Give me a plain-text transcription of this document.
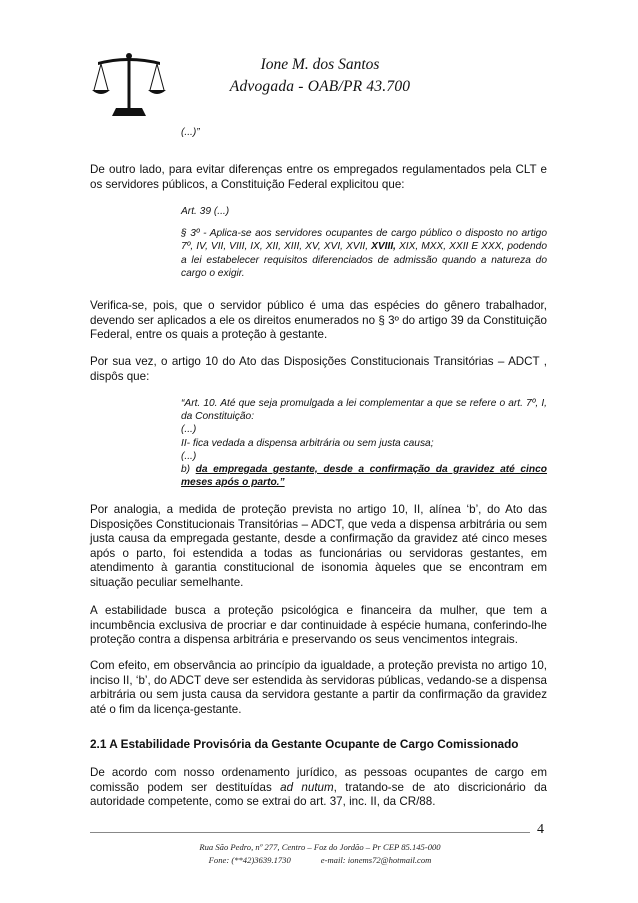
Ione M. dos Santos
Advogada - OAB/PR 43.700
(...)”
De outro lado, para evitar diferenças entre os empregados regulamentados pela CLT e os servidores públicos, a Constituição Federal explicitou que:

Art. 39 (...)

§ 3º - Aplica-se aos servidores ocupantes de cargo público o disposto no artigo 7º, IV, VII, VIII, IX, XII, XIII, XV, XVI, XVII, XVIII, XIX, MXX, XXII E XXX, podendo a lei estabelecer requisitos diferenciados de admissão quando a natureza do cargo o exigir.

Verifica-se, pois, que o servidor público é uma das espécies do gênero trabalhador, devendo ser aplicados a ele os direitos enumerados no § 3º do artigo 39 da Constituição Federal, entre os quais a proteção à gestante.
Por sua vez, o artigo 10 do Ato das Disposições Constitucionais Transitórias – ADCT , dispôs que:

“Art. 10. Até que seja promulgada a lei complementar a que se refere o art. 7º, I, da Constituição:

(...)

II- fica vedada a dispensa arbitrária ou sem justa causa;

(...)

b) da empregada gestante, desde a confirmação da gravidez até cinco meses após o parto.”

Por analogia, a medida de proteção prevista no artigo 10, II, alínea ‘b’, do Ato das Disposições Constitucionais Transitórias – ADCT, que veda a dispensa arbitrária ou sem justa causa da empregada gestante, desde a confirmação da gravidez até cinco meses após o parto, foi estendida a todas as funcionárias ou servidoras gestantes, em atendimento à garantia constitucional de isonomia àqueles que se encontram em situação peculiar semelhante.
A estabilidade busca a proteção psicológica e financeira da mulher, que tem a incumbência exclusiva de procriar e dar continuidade à espécie humana, conferindo-lhe proteção contra a dispensa arbitrária e preservando os seus vencimentos integrais.
Com efeito, em observância ao princípio da igualdade, a proteção prevista no artigo 10, inciso II, ‘b’, do ADCT deve ser estendida às servidoras públicas, vedando-se a dispensa arbitrária ou sem justa causa da servidora gestante a partir da confirmação da gravidez até o fim da licença-gestante.
2.1 A Estabilidade Provisória da Gestante Ocupante de Cargo Comissionado
De acordo com nosso ordenamento jurídico, as pessoas ocupantes de cargo em comissão podem ser destituídas ad nutum, tratando-se de ato discricionário da autoridade competente, como se extrai do art. 37, inc. II, da CR/88.
4
Rua São Pedro, nº 277, Centro – Foz do Jordão – Pr CEP 85.145-000
Fone: (**42)3639.1730	e-mail: ionems72@hotmail.com
